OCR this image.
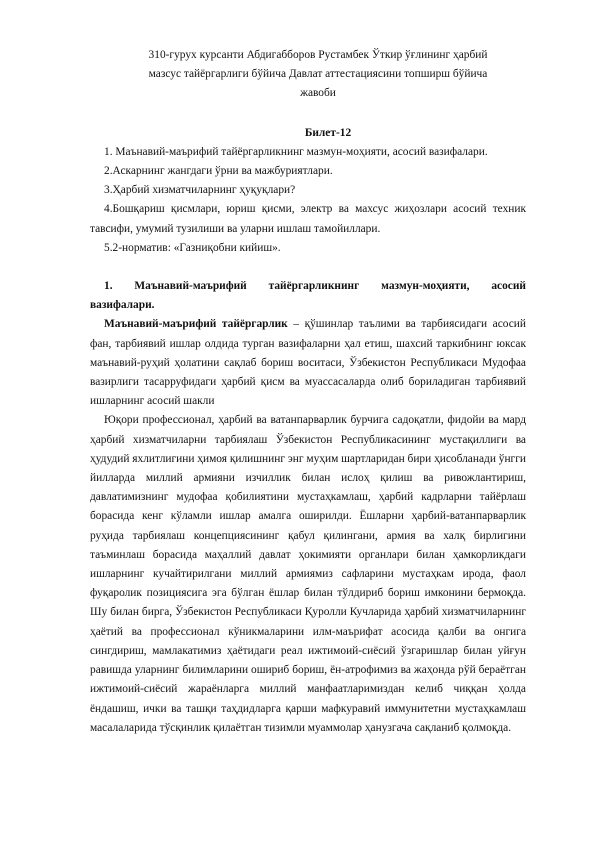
310-гурух курсанти Абдигабборов Рустамбек Ўткир ўғлининг ҳарбий
мазсус тайёргарлиги бўйича Давлат аттестациясини топширш бўйича
жавоби
Билет-12

1. Маънавий-маърифий тайёргарликнинг мазмун-моҳияти, асосий вазифалари.

2.Аскарнинг жангдаги ўрни ва мажбуриятлари.

3.Ҳарбий хизматчиларнинг ҳуқуқлари?

4.Бошқариш қисмлари, юриш қисми, электр ва махсус жиҳозлари асосий техник тавсифи, умумий тузилиши ва уларни ишлаш тамойиллари.

5.2-норматив: «Газниқобни кийиш».

1. Маънавий-маърифий тайёргарликнинг мазмун-моҳияти, асосий

вазифалари.

Маънавий-маърифий тайёргарлик – қўшинлар таълими ва тарбиясидаги асосий фан, тарбиявий ишлар олдида турган вазифаларни ҳал етиш, шахсий таркибнинг юксак маънавий-руҳий ҳолатини сақлаб бориш воситаси, Ўзбекистон Республикаси Мудофаа вазирлиги тасарруфидаги ҳарбий қисм ва муассасаларда олиб бориладиган тарбиявий ишларнинг асосий шакли

Юқори профессионал, ҳарбий ва ватанпарварлик бурчига садоқатли, фидойи ва мард ҳарбий хизматчиларни тарбиялаш Ўзбекистон Республикасининг мустақиллиги ва ҳудудий яхлитлигини ҳимоя қилишнинг энг муҳим шартларидан бири ҳисобланади ўнгги йилларда миллий армияни изчиллик билан ислоҳ қилиш ва ривожлантириш, давлатимизнинг мудофаа қобилиятини мустаҳкамлаш, ҳарбий кадрларни тайёрлаш борасида кенг кўламли ишлар амалга оширилди. Ёшларни ҳарбий-ватанпарварлик руҳида тарбиялаш концепциясининг қабул қилингани, армия ва халқ бирлигини таъминлаш борасида маҳаллий давлат ҳокимияти органлари билан ҳамкорликдаги ишларнинг кучайтирилгани миллий армиямиз сафларини мустаҳкам ирода, фаол фуқаролик позициясига эга бўлган ёшлар билан тўлдириб бориш имконини бермоқда. Шу билан бирга, Ўзбекистон Республикаси Қуролли Кучларида ҳарбий хизматчиларнинг ҳаётий ва профессионал кўникмаларини илм-маърифат асосида қалби ва онгига сингдириш, мамлакатимиз ҳаётидаги реал ижтимоий-сиёсий ўзгаришлар билан уйғун равишда уларнинг билимларини ошириб бориш, ён-атрофимиз ва жаҳонда рўй бераётган ижтимоий-сиёсий жараёнларга миллий манфаатларимиздан келиб чиққан ҳолда ёндашиш, ички ва ташқи таҳдидларга қарши мафкуравий иммунитетни мустаҳкамлаш масалаларида тўсқинлик қилаётган тизимли муаммолар ҳанузгача сақланиб қолмоқда.
